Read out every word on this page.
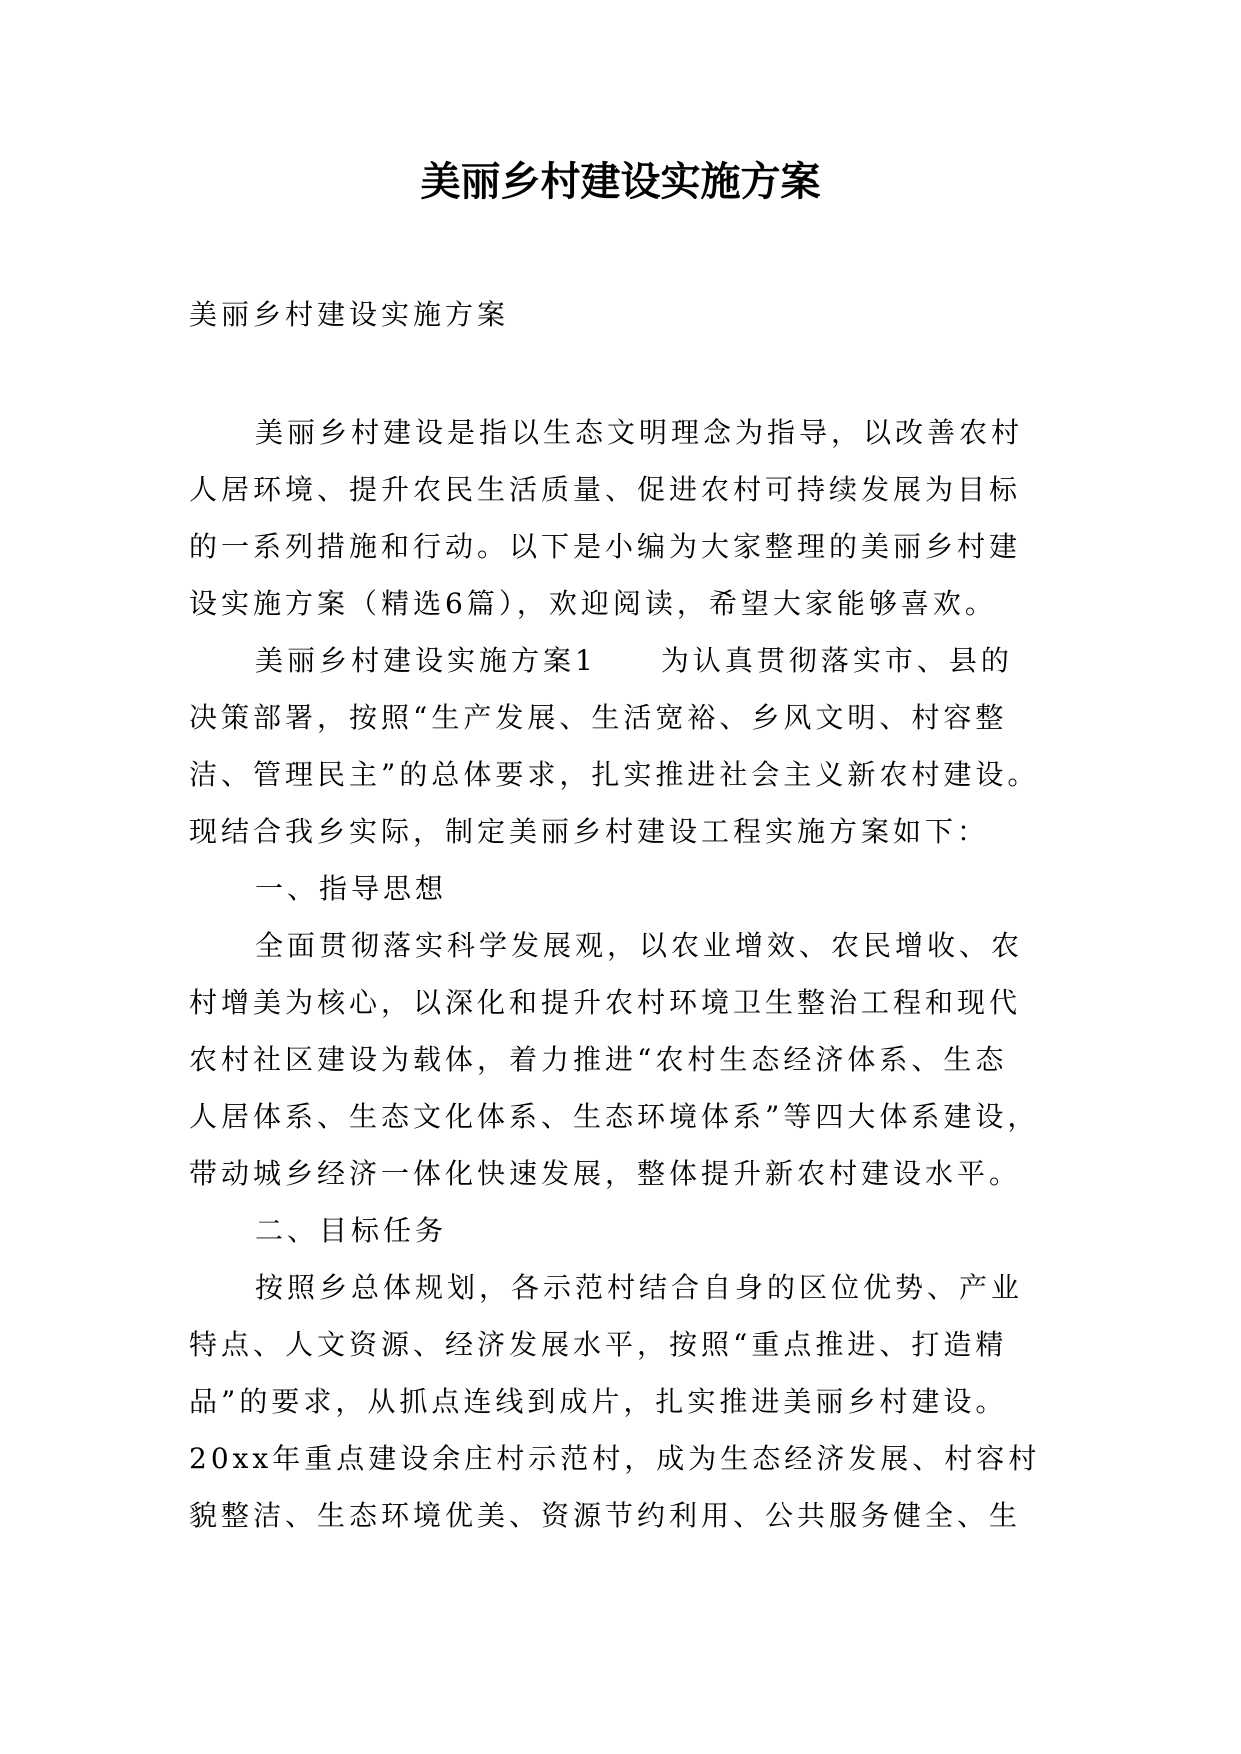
美丽乡村建设实施方案

美丽乡村建设实施方案

美丽乡村建设是指以生态文明理念为指导，以改善农村
人居环境、提升农民生活质量、促进农村可持续发展为目标
的一系列措施和行动。以下是小编为大家整理的美丽乡村建
设实施方案（精选6篇），欢迎阅读，希望大家能够喜欢。
美丽乡村建设实施方案1　　为认真贯彻落实市、县的
决策部署，按照“生产发展、生活宽裕、乡风文明、村容整
洁、管理民主”的总体要求，扎实推进社会主义新农村建设。
现结合我乡实际，制定美丽乡村建设工程实施方案如下：
一、指导思想
全面贯彻落实科学发展观，以农业增效、农民增收、农
村增美为核心，以深化和提升农村环境卫生整治工程和现代
农村社区建设为载体，着力推进“农村生态经济体系、生态
人居体系、生态文化体系、生态环境体系”等四大体系建设，
带动城乡经济一体化快速发展，整体提升新农村建设水平。
二、目标任务
按照乡总体规划，各示范村结合自身的区位优势、产业
特点、人文资源、经济发展水平，按照“重点推进、打造精
品”的要求，从抓点连线到成片，扎实推进美丽乡村建设。
20xx年重点建设余庄村示范村，成为生态经济发展、村容村
貌整洁、生态环境优美、资源节约利用、公共服务健全、生
